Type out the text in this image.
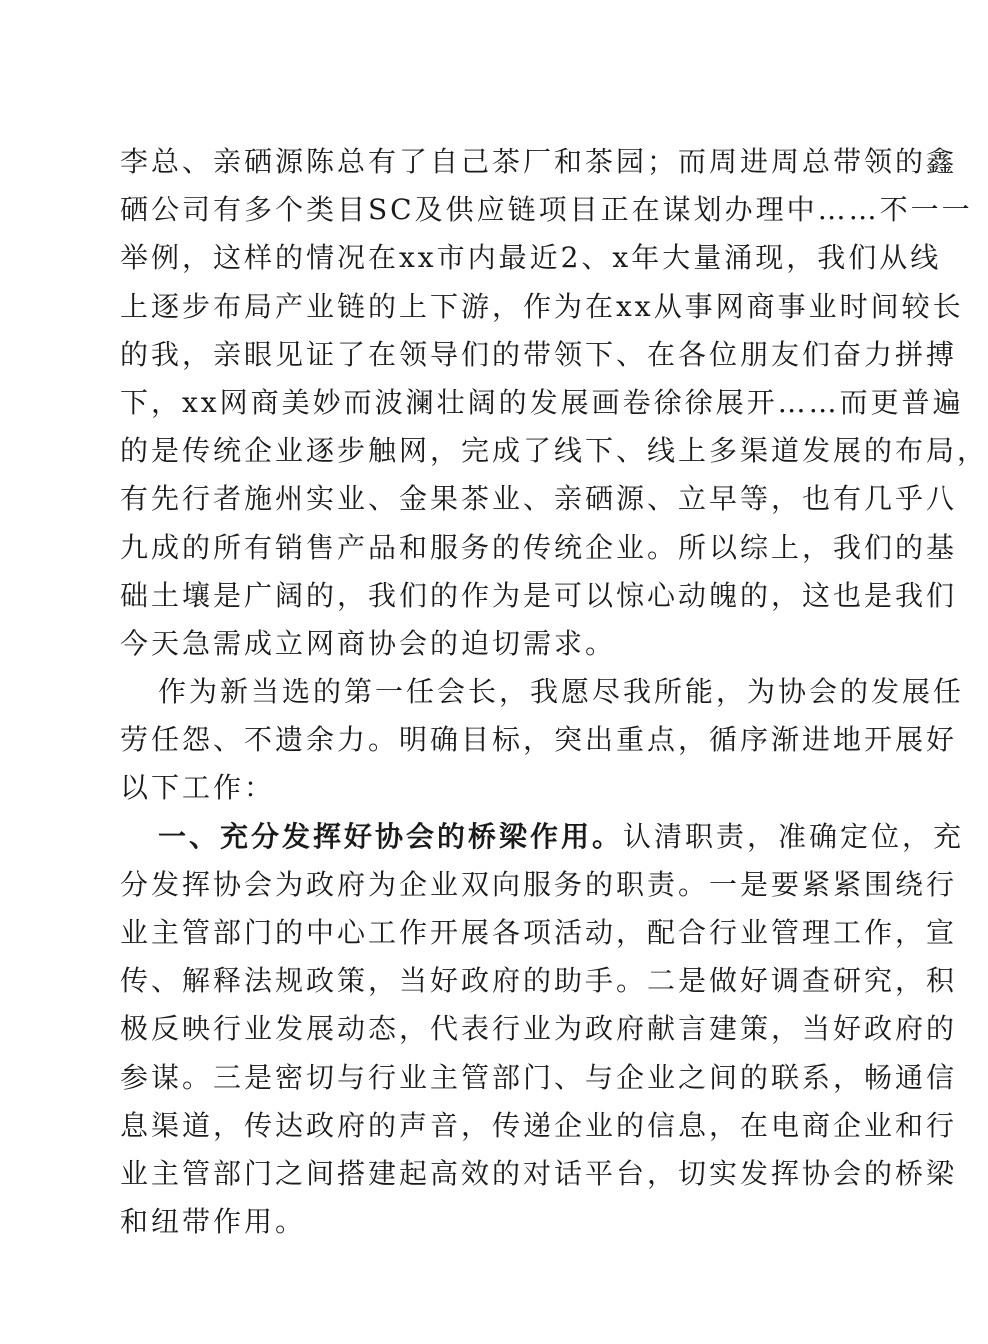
李总、亲硒源陈总有了自己茶厂和茶园；而周进周总带领的鑫
硒公司有多个类目SC及供应链项目正在谋划办理中……不一一
举例，这样的情况在xx市内最近2、x年大量涌现，我们从线
上逐步布局产业链的上下游，作为在xx从事网商事业时间较长
的我，亲眼见证了在领导们的带领下、在各位朋友们奋力拼搏
下，xx网商美妙而波澜壮阔的发展画卷徐徐展开……而更普遍
的是传统企业逐步触网，完成了线下、线上多渠道发展的布局，
有先行者施州实业、金果茶业、亲硒源、立早等，也有几乎八
九成的所有销售产品和服务的传统企业。所以综上，我们的基
础土壤是广阔的，我们的作为是可以惊心动魄的，这也是我们
今天急需成立网商协会的迫切需求。
作为新当选的第一任会长，我愿尽我所能，为协会的发展任
劳任怨、不遗余力。明确目标，突出重点，循序渐进地开展好
以下工作：
一、充分发挥好协会的桥梁作用。认清职责，准确定位，充
分发挥协会为政府为企业双向服务的职责。一是要紧紧围绕行
业主管部门的中心工作开展各项活动，配合行业管理工作，宣
传、解释法规政策，当好政府的助手。二是做好调查研究，积
极反映行业发展动态，代表行业为政府献言建策，当好政府的
参谋。三是密切与行业主管部门、与企业之间的联系，畅通信
息渠道，传达政府的声音，传递企业的信息，在电商企业和行
业主管部门之间搭建起高效的对话平台，切实发挥协会的桥梁
和纽带作用。
